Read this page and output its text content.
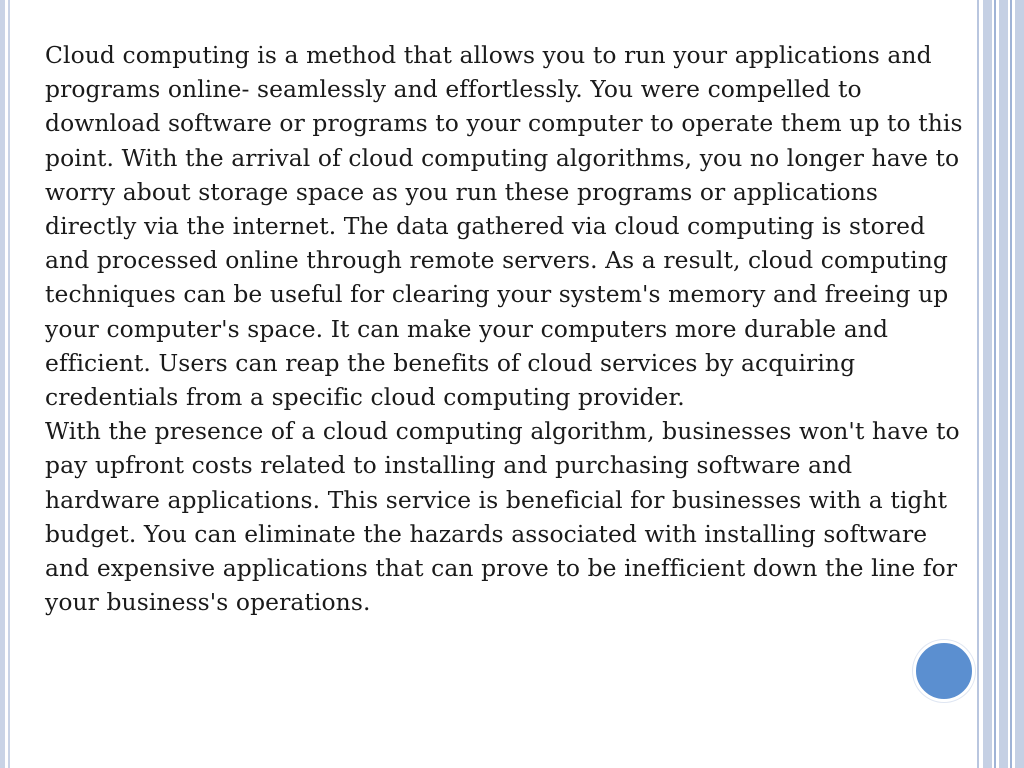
Cloud computing is a method that allows you to run your applications and programs online- seamlessly and effortlessly. You were compelled to download software or programs to your computer to operate them up to this point. With the arrival of cloud computing algorithms, you no longer have to worry about storage space as you run these programs or applications directly via the internet. The data gathered via cloud computing is stored and processed online through remote servers. As a result, cloud computing techniques can be useful for clearing your system's memory and freeing up your computer's space. It can make your computers more durable and efficient. Users can reap the benefits of cloud services by acquiring credentials from a specific cloud computing provider.

With the presence of a cloud computing algorithm, businesses won't have to pay upfront costs related to installing and purchasing software and hardware applications. This service is beneficial for businesses with a tight budget. You can eliminate the hazards associated with installing software and expensive applications that can prove to be inefficient down the line for your business's operations.
